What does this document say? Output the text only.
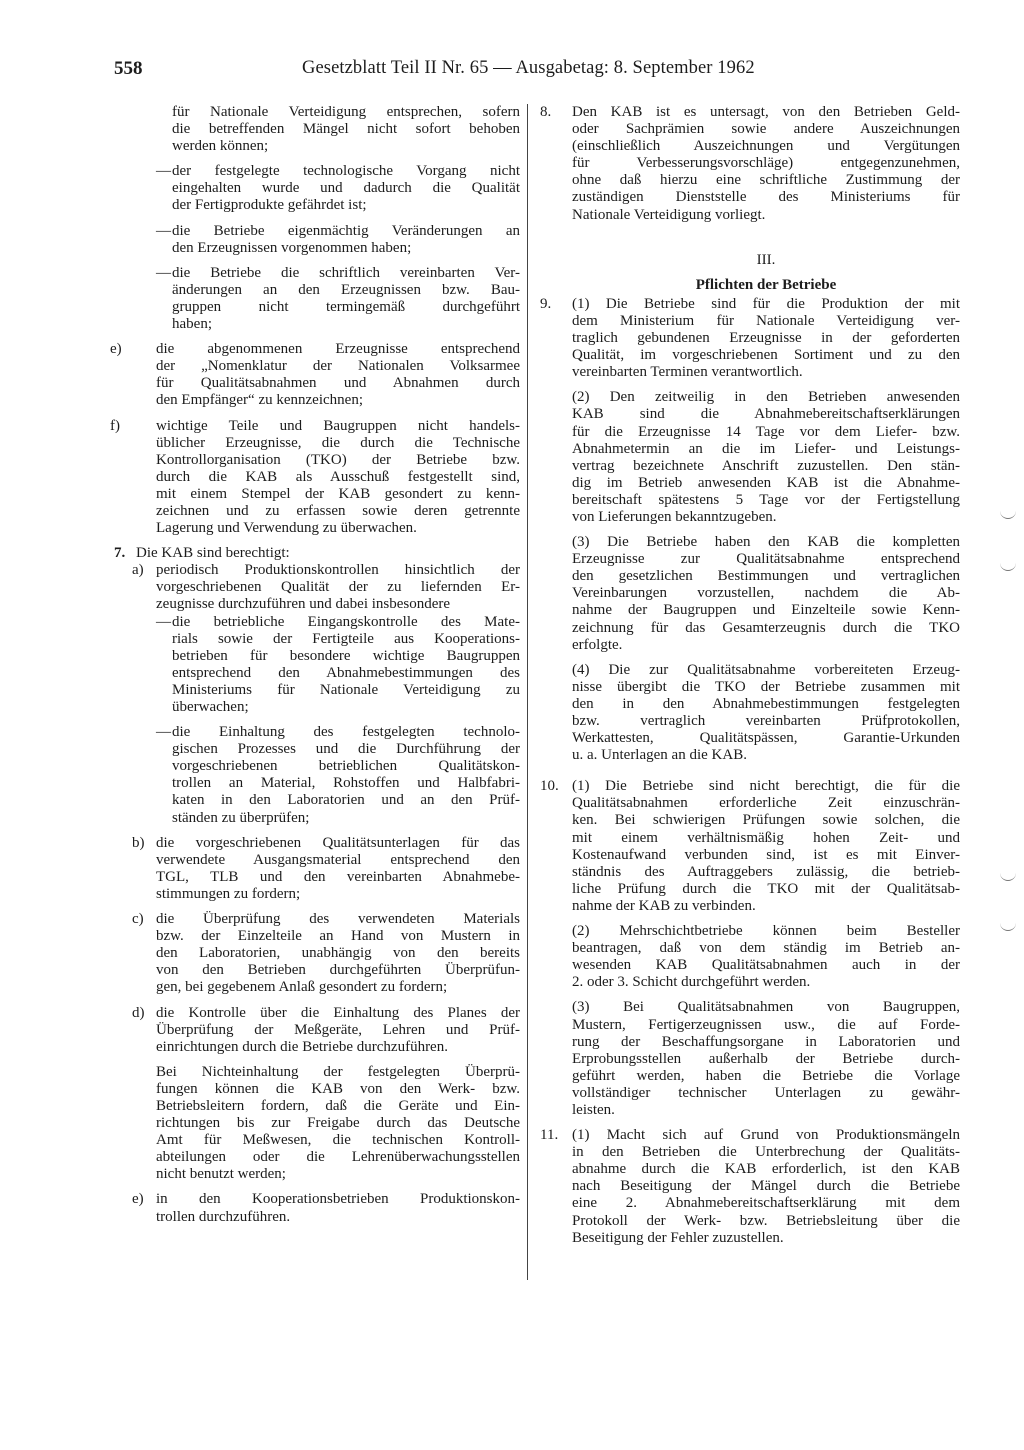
558	Gesetzblatt Teil II Nr. 65 — Ausgabetag: 8. September 1962
für Nationale Verteidigung entsprechen, sofern
die betreffenden Mängel nicht sofort behoben
werden können;
— der festgelegte technologische Vorgang nicht
eingehalten wurde und dadurch die Qualität
der Fertigprodukte gefährdet ist;
— die Betriebe eigenmächtig Veränderungen an
den Erzeugnissen vorgenommen haben;
— die Betriebe die schriftlich vereinbarten Ver-
änderungen an den Erzeugnissen bzw. Bau-
gruppen nicht termingemäß durchgeführt
haben;
e) die abgenommenen Erzeugnisse entsprechend
der „Nomenklatur der Nationalen Volksarmee
für Qualitätsabnahmen und Abnahmen durch
den Empfänger“ zu kennzeichnen;
f) wichtige Teile und Baugruppen nicht handels-
üblicher Erzeugnisse, die durch die Technische
Kontrollorganisation (TKO) der Betriebe bzw.
durch die KAB als Ausschuß festgestellt sind,
mit einem Stempel der KAB gesondert zu kenn-
zeichnen und zu erfassen sowie deren getrennte
Lagerung und Verwendung zu überwachen.
7. Die KAB sind berechtigt:
a) periodisch Produktionskontrollen hinsichtlich der
vorgeschriebenen Qualität der zu liefernden Er-
zeugnisse durchzuführen und dabei insbesondere
— die betriebliche Eingangskontrolle des Mate-
rials sowie der Fertigteile aus Kooperations-
betrieben für besondere wichtige Baugruppen
entsprechend den Abnahmebestimmungen des
Ministeriums für Nationale Verteidigung zu
überwachen;
— die Einhaltung des festgelegten technolo-
gischen Prozesses und die Durchführung der
vorgeschriebenen betrieblichen Qualitätskon-
trollen an Material, Rohstoffen und Halbfabri-
katen in den Laboratorien und an den Prüf-
ständen zu überprüfen;
b) die vorgeschriebenen Qualitätsunterlagen für das
verwendete Ausgangsmaterial entsprechend den
TGL, TLB und den vereinbarten Abnahmebe-
stimmungen zu fordern;
c) die Überprüfung des verwendeten Materials
bzw. der Einzelteile an Hand von Mustern in
den Laboratorien, unabhängig von den bereits
von den Betrieben durchgeführten Überprüfun-
gen, bei gegebenem Anlaß gesondert zu fordern;
d) die Kontrolle über die Einhaltung des Planes der
Überprüfung der Meßgeräte, Lehren und Prüf-
einrichtungen durch die Betriebe durchzuführen.
Bei Nichteinhaltung der festgelegten Überprü-
fungen können die KAB von den Werk- bzw.
Betriebsleitern fordern, daß die Geräte und Ein-
richtungen bis zur Freigabe durch das Deutsche
Amt für Meßwesen, die technischen Kontroll-
abteilungen oder die Lehrenüberwachungsstellen
nicht benutzt werden;
e) in den Kooperationsbetrieben Produktionskon-
trollen durchzuführen.
8. Den KAB ist es untersagt, von den Betrieben Geld-
oder Sachprämien sowie andere Auszeichnungen
(einschließlich Auszeichnungen und Vergütungen
für Verbesserungsvorschläge) entgegenzunehmen,
ohne daß hierzu eine schriftliche Zustimmung der
zuständigen Dienststelle des Ministeriums für
Nationale Verteidigung vorliegt.
III.
Pflichten der Betriebe
9. (1) Die Betriebe sind für die Produktion der mit
dem Ministerium für Nationale Verteidigung ver-
traglich gebundenen Erzeugnisse in der geforderten
Qualität, im vorgeschriebenen Sortiment und zu den
vereinbarten Terminen verantwortlich.
(2) Den zeitweilig in den Betrieben anwesenden
KAB sind die Abnahmebereitschaftserklärungen
für die Erzeugnisse 14 Tage vor dem Liefer- bzw.
Abnahmetermin an die im Liefer- und Leistungs-
vertrag bezeichnete Anschrift zuzustellen. Den stän-
dig im Betrieb anwesenden KAB ist die Abnahme-
bereitschaft spätestens 5 Tage vor der Fertigstellung
von Lieferungen bekanntzugeben.
(3) Die Betriebe haben den KAB die kompletten
Erzeugnisse zur Qualitätsabnahme entsprechend
den gesetzlichen Bestimmungen und vertraglichen
Vereinbarungen vorzustellen, nachdem die Ab-
nahme der Baugruppen und Einzelteile sowie Kenn-
zeichnung für das Gesamterzeugnis durch die TKO
erfolgte.
(4) Die zur Qualitätsabnahme vorbereiteten Erzeug-
nisse übergibt die TKO der Betriebe zusammen mit
den in den Abnahmebestimmungen festgelegten
bzw. vertraglich vereinbarten Prüfprotokollen,
Werkattesten, Qualitätspässen, Garantie-Urkunden
u. a. Unterlagen an die KAB.
10. (1) Die Betriebe sind nicht berechtigt, die für die
Qualitätsabnahmen erforderliche Zeit einzuschrän-
ken. Bei schwierigen Prüfungen sowie solchen, die
mit einem verhältnismäßig hohen Zeit- und
Kostenaufwand verbunden sind, ist es mit Einver-
ständnis des Auftraggebers zulässig, die betrieb-
liche Prüfung durch die TKO mit der Qualitätsab-
nahme der KAB zu verbinden.
(2) Mehrschichtbetriebe können beim Besteller
beantragen, daß von dem ständig im Betrieb an-
wesenden KAB Qualitätsabnahmen auch in der
2. oder 3. Schicht durchgeführt werden.
(3) Bei Qualitätsabnahmen von Baugruppen,
Mustern, Fertigerzeugnissen usw., die auf Forde-
rung der Beschaffungsorgane in Laboratorien und
Erprobungsstellen außerhalb der Betriebe durch-
geführt werden, haben die Betriebe die Vorlage
vollständiger technischer Unterlagen zu gewähr-
leisten.
11. (1) Macht sich auf Grund von Produktionsmängeln
in den Betrieben die Unterbrechung der Qualitäts-
abnahme durch die KAB erforderlich, ist den KAB
nach Beseitigung der Mängel durch die Betriebe
eine 2. Abnahmebereitschaftserklärung mit dem
Protokoll der Werk- bzw. Betriebsleitung über die
Beseitigung der Fehler zuzustellen.
